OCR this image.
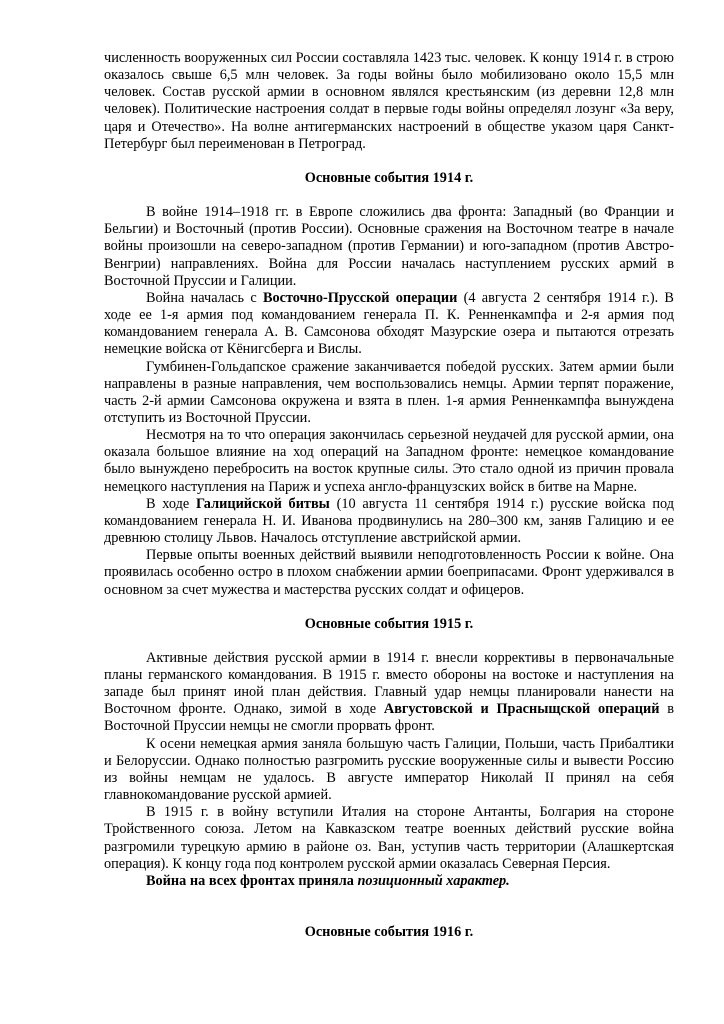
численность вооруженных сил России составляла 1423 тыс. человек. К концу 1914 г. в строю оказалось свыше 6,5 млн человек. За годы войны было мобилизовано около 15,5 млн человек. Состав русской армии в основном являлся крестьянским (из деревни 12,8 млн человек). Политические настроения солдат в первые годы войны определял лозунг «За веру, царя и Отечество». На волне антигерманских настроений в обществе указом царя Санкт-Петербург был переименован в Петроград.

Основные события 1914 г.

В войне 1914–1918 гг. в Европе сложились два фронта: Западный (во Франции и Бельгии) и Восточный (против России). Основные сражения на Восточном театре в начале войны произошли на северо-западном (против Германии) и юго-западном (против Австро-Венгрии) направлениях. Война для России началась наступлением русских армий в Восточной Пруссии и Галиции.

Война началась с Восточно-Прусской операции (4 августа 2 сентября 1914 г.). В ходе ее 1-я армия под командованием генерала П. К. Ренненкампфа и 2-я армия под командованием генерала А. В. Самсонова обходят Мазурские озера и пытаются отрезать немецкие войска от Кёнигсберга и Вислы.

Гумбинен-Гольдапское сражение заканчивается победой русских. Затем армии были направлены в разные направления, чем воспользовались немцы. Армии терпят поражение, часть 2-й армии Самсонова окружена и взята в плен. 1-я армия Ренненкампфа вынуждена отступить из Восточной Пруссии.

Несмотря на то что операция закончилась серьезной неудачей для русской армии, она оказала большое влияние на ход операций на Западном фронте: немецкое командование было вынуждено перебросить на восток крупные силы. Это стало одной из причин провала немецкого наступления на Париж и успеха англо-французских войск в битве на Марне.

В ходе Галицийской битвы (10 августа 11 сентября 1914 г.) русские войска под командованием генерала Н. И. Иванова продвинулись на 280–300 км, заняв Галицию и ее древнюю столицу Львов. Началось отступление австрийской армии.

Первые опыты военных действий выявили неподготовленность России к войне. Она проявилась особенно остро в плохом снабжении армии боеприпасами. Фронт удерживался в основном за счет мужества и мастерства русских солдат и офицеров.

Основные события 1915 г.

Активные действия русской армии в 1914 г. внесли коррективы в первоначальные планы германского командования. В 1915 г. вместо обороны на востоке и наступления на западе был принят иной план действия. Главный удар немцы планировали нанести на Восточном фронте. Однако, зимой в ходе Августовской и Прасныщской операций в Восточной Пруссии немцы не смогли прорвать фронт.

К осени немецкая армия заняла большую часть Галиции, Польши, часть Прибалтики и Белоруссии. Однако полностью разгромить русские вооруженные силы и вывести Россию из войны немцам не удалось. В августе император Николай II принял на себя главнокомандование русской армией.

В 1915 г. в войну вступили Италия на стороне Антанты, Болгария на стороне Тройственного союза. Летом на Кавказском театре военных действий русские война разгромили турецкую армию в районе оз. Ван, уступив часть территории (Алашкертская операция). К концу года под контролем русской армии оказалась Северная Персия.

Война на всех фронтах приняла позиционный характер.

Основные события 1916 г.
